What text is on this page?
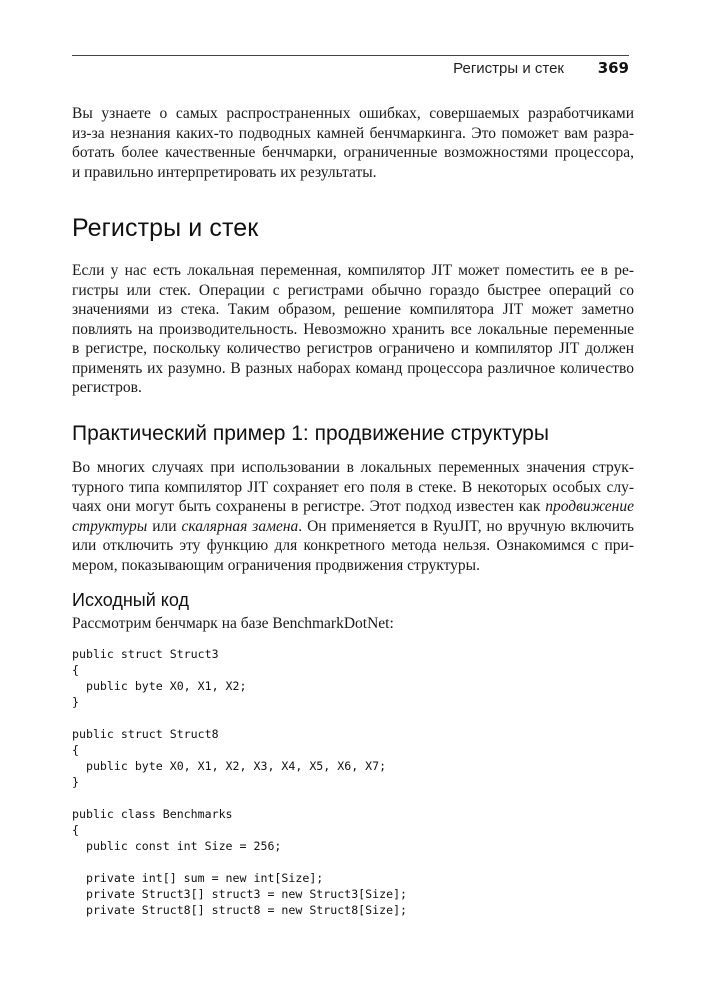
Регистры и стек 369
Вы узнаете о самых распространенных ошибках, совершаемых разработчиками
из-за незнания каких-то подводных камней бенчмаркинга. Это поможет вам разра-
ботать более качественные бенчмарки, ограниченные возможностями процессора,
и правильно интерпретировать их результаты.
Регистры и стек
Если у нас есть локальная переменная, компилятор JIT может поместить ее в ре-
гистры или стек. Операции с регистрами обычно гораздо быстрее операций со
значениями из стека. Таким образом, решение компилятора JIT может заметно
повлиять на производительность. Невозможно хранить все локальные переменные
в регистре, поскольку количество регистров ограничено и компилятор JIT должен
применять их разумно. В разных наборах команд процессора различное количество
регистров.
Практический пример 1: продвижение структуры
Во многих случаях при использовании в локальных переменных значения струк-
турного типа компилятор JIT сохраняет его поля в стеке. В некоторых особых слу-
чаях они могут быть сохранены в регистре. Этот подход известен как продвижение
структуры или скалярная замена. Он применяется в RyuJIT, но вручную включить
или отключить эту функцию для конкретного метода нельзя. Ознакомимся с при-
мером, показывающим ограничения продвижения структуры.
Исходный код
Рассмотрим бенчмарк на базе BenchmarkDotNet:
public struct Struct3
{
public byte X0, X1, X2;
}
public struct Struct8
{
public byte X0, X1, X2, X3, X4, X5, X6, X7;
}
public class Benchmarks
{
public const int Size = 256;
private int[] sum = new int[Size];
private Struct3[] struct3 = new Struct3[Size];
private Struct8[] struct8 = new Struct8[Size];
